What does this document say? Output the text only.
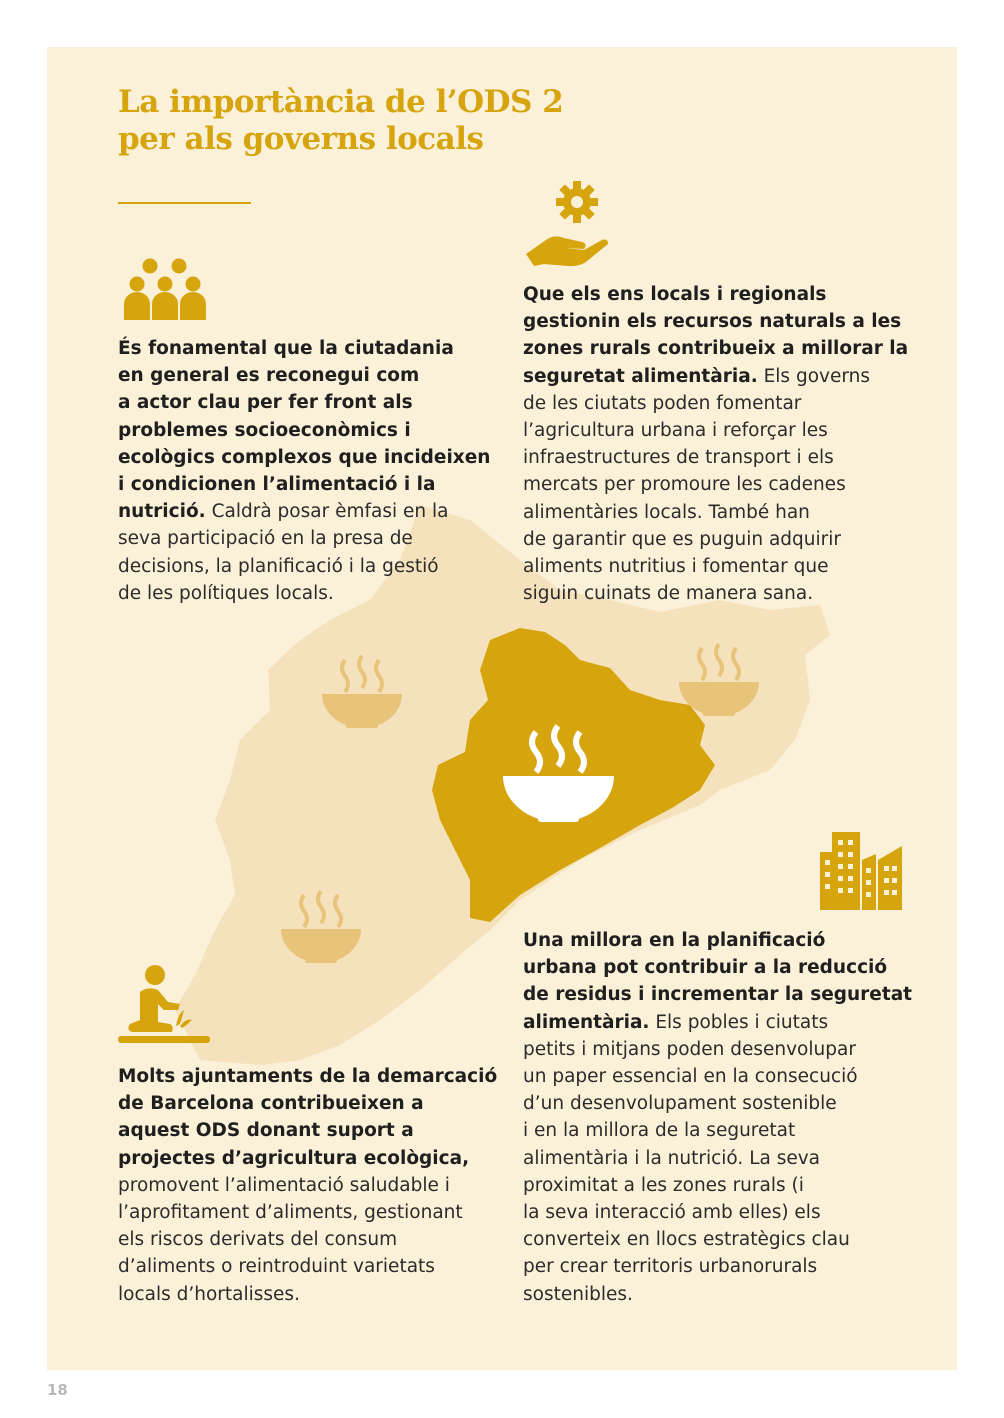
La importància de l’ODS 2
per als governs locals
És fonamental que la ciutadania
en general es reconegui com
a actor clau per fer front als
problemes socioeconòmics i
ecològics complexos que incideixen
i condicionen l’alimentació i la
nutrició. Caldrà posar èmfasi en la
seva participació en la presa de
decisions, la planificació i la gestió
de les polítiques locals.
Que els ens locals i regionals
gestionin els recursos naturals a les
zones rurals contribueix a millorar la
seguretat alimentària. Els governs
de les ciutats poden fomentar
l’agricultura urbana i reforçar les
infraestructures de transport i els
mercats per promoure les cadenes
alimentàries locals. També han
de garantir que es puguin adquirir
aliments nutritius i fomentar que
siguin cuinats de manera sana.
Una millora en la planificació
urbana pot contribuir a la reducció
de residus i incrementar la seguretat
alimentària. Els pobles i ciutats
petits i mitjans poden desenvolupar
un paper essencial en la consecució
d’un desenvolupament sostenible
i en la millora de la seguretat
alimentària i la nutrició. La seva
proximitat a les zones rurals (i
la seva interacció amb elles) els
converteix en llocs estratègics clau
per crear territoris urbanorurals
sostenibles.
Molts ajuntaments de la demarcació
de Barcelona contribueixen a
aquest ODS donant suport a
projectes d’agricultura ecològica,
promovent l’alimentació saludable i
l’aprofitament d’aliments, gestionant
els riscos derivats del consum
d’aliments o reintroduint varietats
locals d’hortalisses.
18
